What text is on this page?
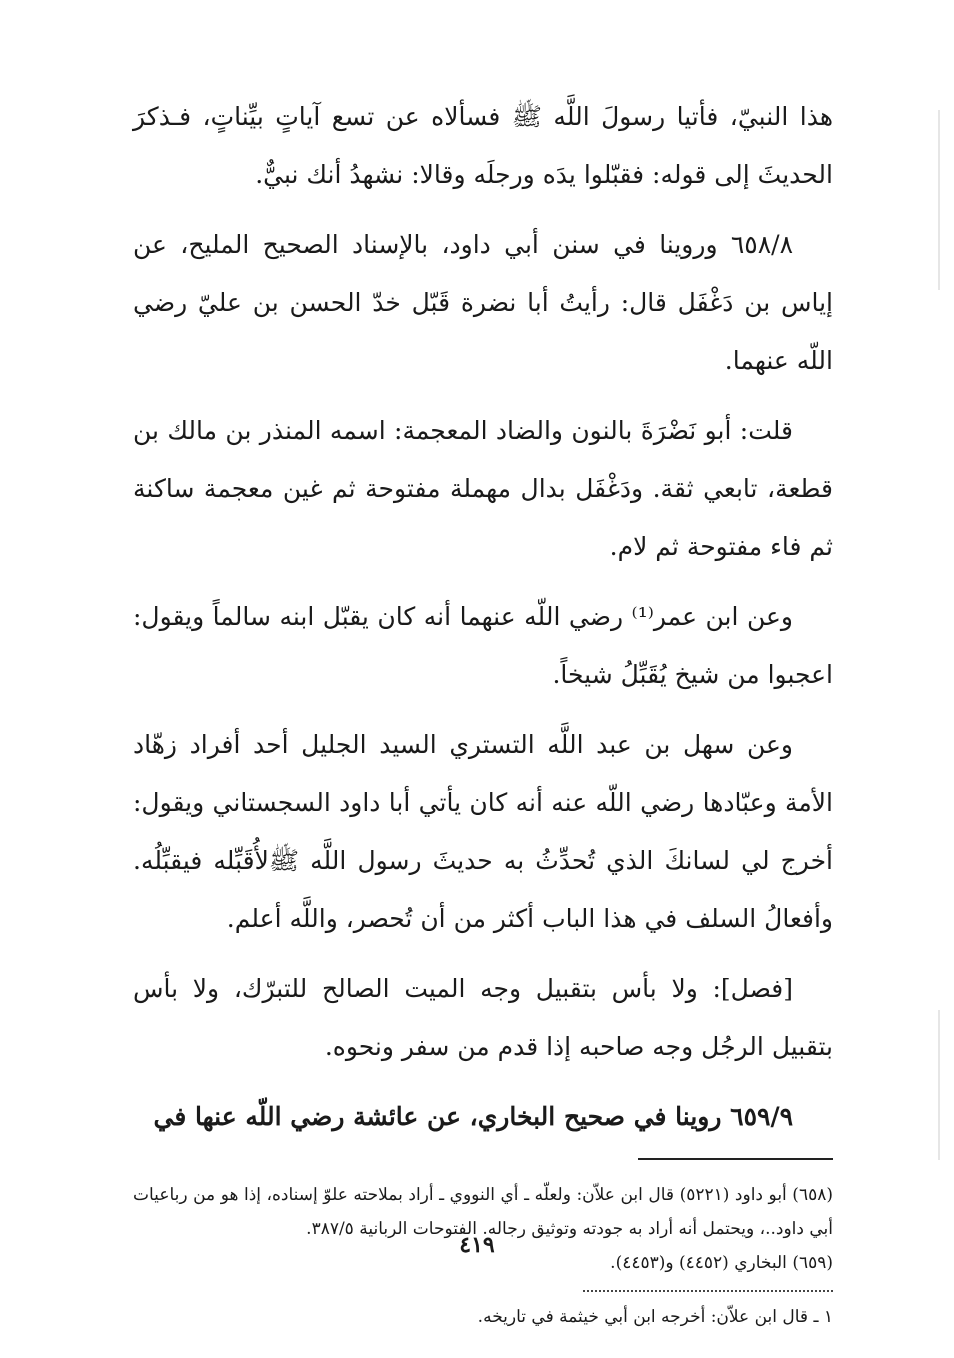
هذا النبيّ، فأتيا رسولَ اللَّه ﷺ فسألاه عن تسع آياتٍ بيِّناتٍ، فـذكرَ الحديثَ إلى قوله: فقبّلوا يدَه ورجلَه وقالا: نشهدُ أنك نبيٌّ.

٦٥٨/٨ وروينا في سنن أبي داود، بالإسناد الصحيح المليح، عن إياس بن دَغْفَل قال: رأيتُ أبا نضرة قَبّل خدّ الحسن بن عليّ رضي اللّه عنهما.

قلت: أبو نَضْرَةَ بالنون والضاد المعجمة: اسمه المنذر بن مالك بن قطعة، تابعي ثقة. ودَغْفَل بدال مهملة مفتوحة ثم غين معجمة ساكنة ثم فاء مفتوحة ثم لام.

وعن ابن عمر⁽¹⁾ رضي اللّه عنهما أنه كان يقبّل ابنه سالماً ويقول: اعجبوا من شيخ يُقَبِّلُ شيخاً.

وعن سهل بن عبد اللَّه التستري السيد الجليل أحد أفراد زهّاد الأمة وعبّادها رضي اللّه عنه أنه كان يأتي أبا داود السجستاني ويقول: أخرج لي لسانكَ الذي تُحدِّثُ به حديثَ رسول اللَّه ﷺلأُقَبِّله فيقبِّلُه. وأفعالُ السلف في هذا الباب أكثر من أن تُحصر، واللَّه أعلم.

[فصل]: ولا بأس بتقبيل وجه الميت الصالح للتبرّك، ولا بأس بتقبيل الرجُل وجه صاحبه إذا قدم من سفر ونحوه.

٦٥٩/٩ روينا في صحيح البخاري، عن عائشة رضي اللّه عنها في

(٦٥٨) أبو داود (٥٢٢١) قال ابن علاّن: ولعلّه ـ أي النووي ـ أراد بملاحته علوّ إسناده، إذا هو من رباعيات أبي داود..، ويحتمل أنه أراد به جودته وتوثيق رجاله. الفتوحات الربانية ٣٨٧/٥.

(٦٥٩) البخاري (٤٤٥٢) و(٤٤٥٣).

١ ـ قال ابن علاّن: أخرجه ابن أبي خيثمة في تاريخه.

٤١٩
